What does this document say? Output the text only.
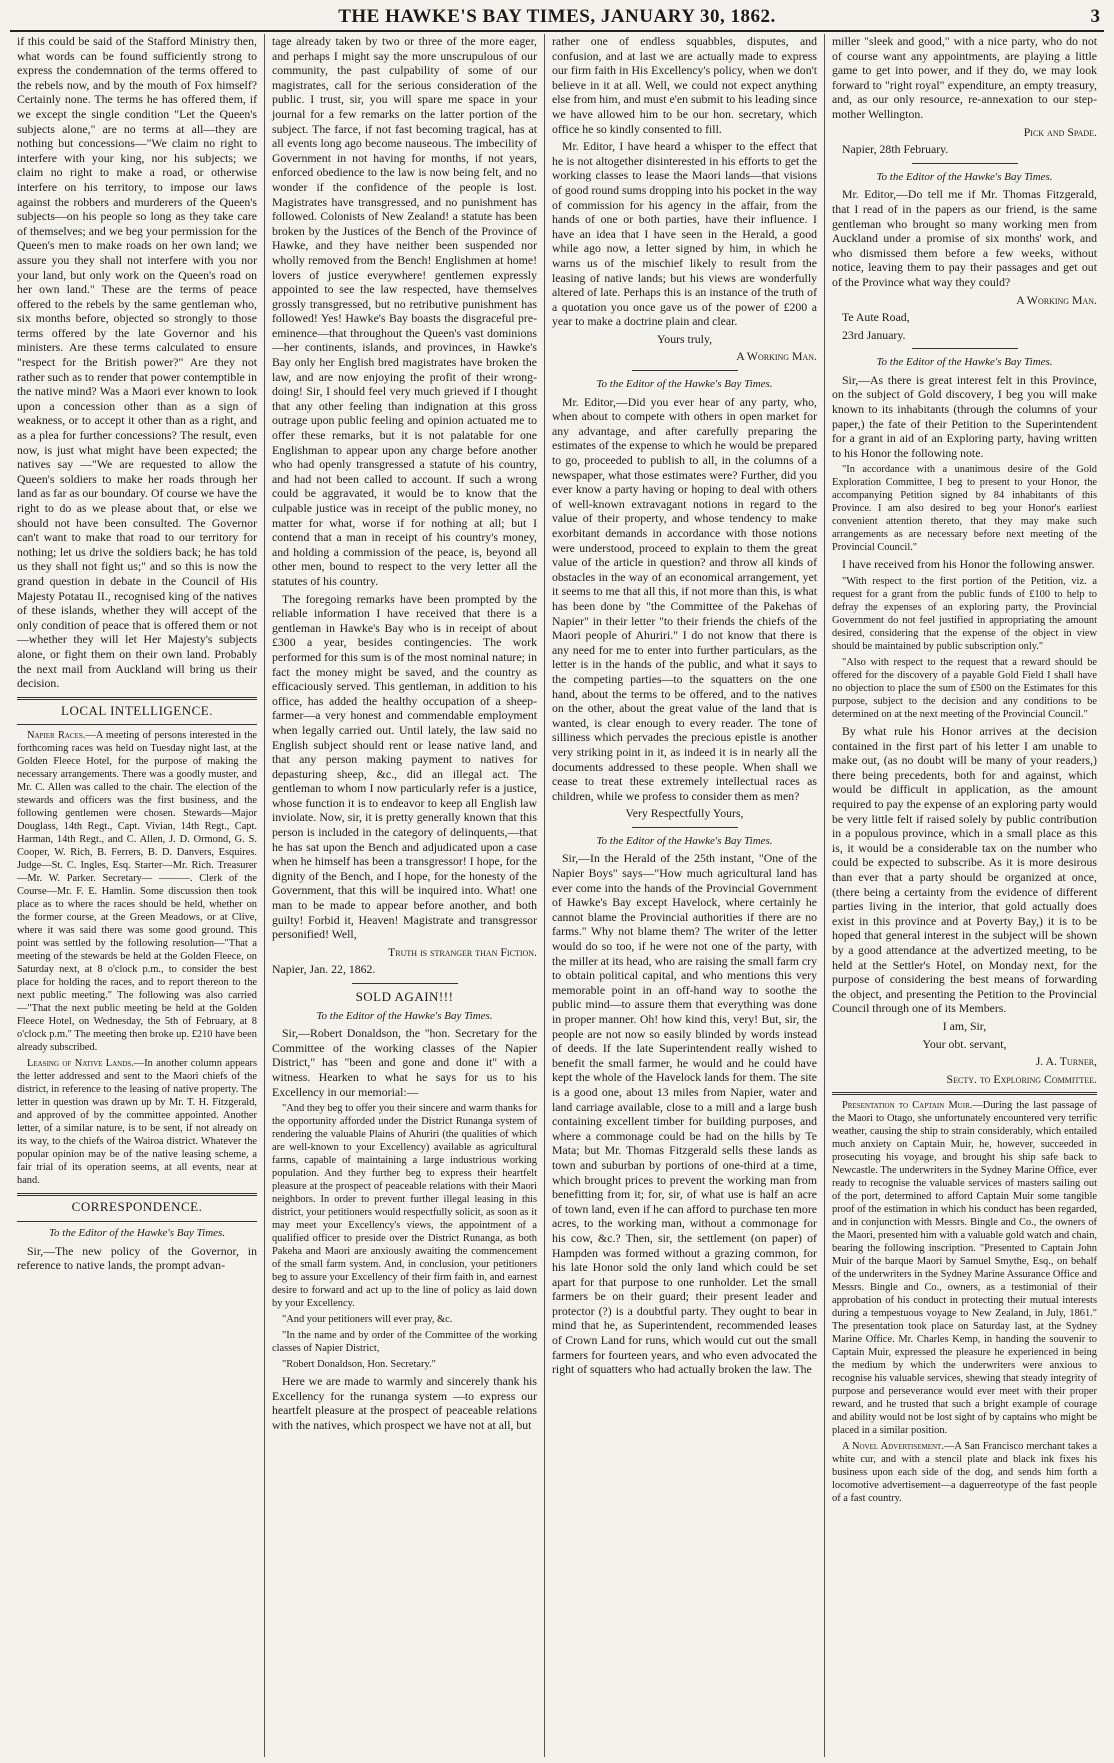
THE HAWKE'S BAY TIMES, JANUARY 30, 1862.	3

if this could be said of the Stafford Ministry then, what words can be found sufficiently strong to express the condemnation of the terms offered to the rebels now, and by the mouth of Fox himself? Certainly none. The terms he has offered them, if we except the single condition "Let the Queen's subjects alone," are no terms at all—they are nothing but concessions—"We claim no right to interfere with your king, nor his subjects; we claim no right to make a road, or otherwise interfere on his territory, to impose our laws against the robbers and murderers of the Queen's subjects—on his people so long as they take care of themselves; and we beg your permission for the Queen's men to make roads on her own land; we assure you they shall not interfere with you nor your land, but only work on the Queen's road on her own land." These are the terms of peace offered to the rebels by the same gentleman who, six months before, objected so strongly to those terms offered by the late Governor and his ministers. Are these terms calculated to ensure "respect for the British power?" Are they not rather such as to render that power contemptible in the native mind? Was a Maori ever known to look upon a concession other than as a sign of weakness, or to accept it other than as a right, and as a plea for further concessions? The result, even now, is just what might have been expected; the natives say —"We are requested to allow the Queen's soldiers to make her roads through her land as far as our boundary. Of course we have the right to do as we please about that, or else we should not have been consulted. The Governor can't want to make that road to our territory for nothing; let us drive the soldiers back; he has told us they shall not fight us;" and so this is now the grand question in debate in the Council of His Majesty Potatau II., recognised king of the natives of these islands, whether they will accept of the only condition of peace that is offered them or not—whether they will let Her Majesty's subjects alone, or fight them on their own land. Probably the next mail from Auckland will bring us their decision.

LOCAL INTELLIGENCE.

Napier Races.—A meeting of persons interested in the forthcoming races was held on Tuesday night last, at the Golden Fleece Hotel, for the purpose of making the necessary arrangements. There was a goodly muster, and Mr. C. Allen was called to the chair. The election of the stewards and officers was the first business, and the following gentlemen were chosen. Stewards—Major Douglass, 14th Regt., Capt. Vivian, 14th Regt., Capt. Harman, 14th Regt., and C. Allen, J. D. Ormond, G. S. Cooper, W. Rich, B. Ferrers, B. D. Danvers, Esquires. Judge—St. C. Ingles, Esq. Starter—Mr. Rich. Treasurer—Mr. W. Parker. Secretary— ———. Clerk of the Course—Mr. F. E. Hamlin. Some discussion then took place as to where the races should be held, whether on the former course, at the Green Meadows, or at Clive, where it was said there was some good ground. This point was settled by the following resolution—"That a meeting of the stewards be held at the Golden Fleece, on Saturday next, at 8 o'clock p.m., to consider the best place for holding the races, and to report thereon to the next public meeting." The following was also carried—"That the next public meeting be held at the Golden Fleece Hotel, on Wednesday, the 5th of February, at 8 o'clock p.m." The meeting then broke up. £210 have been already subscribed.

Leasing of Native Lands.—In another column appears the letter addressed and sent to the Maori chiefs of the district, in reference to the leasing of native property. The letter in question was drawn up by Mr. T. H. Fitzgerald, and approved of by the committee appointed. Another letter, of a similar nature, is to be sent, if not already on its way, to the chiefs of the Wairoa district. Whatever the popular opinion may be of the native leasing scheme, a fair trial of its operation seems, at all events, near at hand.

CORRESPONDENCE.
To the Editor of the Hawke's Bay Times.

Sir,—The new policy of the Governor, in reference to native lands, the prompt advan-

tage already taken by two or three of the more eager, and perhaps I might say the more unscrupulous of our community, the past culpability of some of our magistrates, call for the serious consideration of the public. I trust, sir, you will spare me space in your journal for a few remarks on the latter portion of the subject. The farce, if not fast becoming tragical, has at all events long ago become nauseous. The imbecility of Government in not having for months, if not years, enforced obedience to the law is now being felt, and no wonder if the confidence of the people is lost. Magistrates have transgressed, and no punishment has followed. Colonists of New Zealand! a statute has been broken by the Justices of the Bench of the Province of Hawke, and they have neither been suspended nor wholly removed from the Bench! Englishmen at home! lovers of justice everywhere! gentlemen expressly appointed to see the law respected, have themselves grossly transgressed, but no retributive punishment has followed! Yes! Hawke's Bay boasts the disgraceful pre-eminence—that throughout the Queen's vast dominions—her continents, islands, and provinces, in Hawke's Bay only her English bred magistrates have broken the law, and are now enjoying the profit of their wrong-doing! Sir, I should feel very much grieved if I thought that any other feeling than indignation at this gross outrage upon public feeling and opinion actuated me to offer these remarks, but it is not palatable for one Englishman to appear upon any charge before another who had openly transgressed a statute of his country, and had not been called to account. If such a wrong could be aggravated, it would be to know that the culpable justice was in receipt of the public money, no matter for what, worse if for nothing at all; but I contend that a man in receipt of his country's money, and holding a commission of the peace, is, beyond all other men, bound to respect to the very letter all the statutes of his country.

The foregoing remarks have been prompted by the reliable information I have received that there is a gentleman in Hawke's Bay who is in receipt of about £300 a year, besides contingencies. The work performed for this sum is of the most nominal nature; in fact the money might be saved, and the country as efficaciously served. This gentleman, in addition to his office, has added the healthy occupation of a sheep-farmer—a very honest and commendable employment when legally carried out. Until lately, the law said no English subject should rent or lease native land, and that any person making payment to natives for depasturing sheep, &c., did an illegal act. The gentleman to whom I now particularly refer is a justice, whose function it is to endeavor to keep all English law inviolate. Now, sir, it is pretty generally known that this person is included in the category of delinquents,—that he has sat upon the Bench and adjudicated upon a case when he himself has been a transgressor! I hope, for the dignity of the Bench, and I hope, for the honesty of the Government, that this will be inquired into. What! one man to be made to appear before another, and both guilty! Forbid it, Heaven! Magistrate and transgressor personified! Well,

Truth is stranger than Fiction.

Napier, Jan. 22, 1862.

SOLD AGAIN!!!
To the Editor of the Hawke's Bay Times.

Sir,—Robert Donaldson, the "hon. Secretary for the Committee of the working classes of the Napier District," has "been and gone and done it" with a witness. Hearken to what he says for us to his Excellency in our memorial:—

"And they beg to offer you their sincere and warm thanks for the opportunity afforded under the District Runanga system of rendering the valuable Plains of Ahuriri (the qualities of which are well-known to your Excellency) available as agricultural farms, capable of maintaining a large industrious working population. And they further beg to express their heartfelt pleasure at the prospect of peaceable relations with their Maori neighbors. In order to prevent further illegal leasing in this district, your petitioners would respectfully solicit, as soon as it may meet your Excellency's views, the appointment of a qualified officer to preside over the District Runanga, as both Pakeha and Maori are anxiously awaiting the commencement of the small farm system. And, in conclusion, your petitioners beg to assure your Excellency of their firm faith in, and earnest desire to forward and act up to the line of policy as laid down by your Excellency.

"And your petitioners will ever pray, &c.

"In the name and by order of the Committee of the working classes of Napier District,

"Robert Donaldson, Hon. Secretary."

Here we are made to warmly and sincerely thank his Excellency for the runanga system —to express our heartfelt pleasure at the prospect of peaceable relations with the natives, which prospect we have not at all, but

rather one of endless squabbles, disputes, and confusion, and at last we are actually made to express our firm faith in His Excellency's policy, when we don't believe in it at all. Well, we could not expect anything else from him, and must e'en submit to his leading since we have allowed him to be our hon. secretary, which office he so kindly consented to fill.

Mr. Editor, I have heard a whisper to the effect that he is not altogether disinterested in his efforts to get the working classes to lease the Maori lands—that visions of good round sums dropping into his pocket in the way of commission for his agency in the affair, from the hands of one or both parties, have their influence. I have an idea that I have seen in the Herald, a good while ago now, a letter signed by him, in which he warns us of the mischief likely to result from the leasing of native lands; but his views are wonderfully altered of late. Perhaps this is an instance of the truth of a quotation you once gave us of the power of £200 a year to make a doctrine plain and clear.

Yours truly,
A Working Man.
To the Editor of the Hawke's Bay Times.

Mr. Editor,—Did you ever hear of any party, who, when about to compete with others in open market for any advantage, and after carefully preparing the estimates of the expense to which he would be prepared to go, proceeded to publish to all, in the columns of a newspaper, what those estimates were? Further, did you ever know a party having or hoping to deal with others of well-known extravagant notions in regard to the value of their property, and whose tendency to make exorbitant demands in accordance with those notions were understood, proceed to explain to them the great value of the article in question? and throw all kinds of obstacles in the way of an economical arrangement, yet it seems to me that all this, if not more than this, is what has been done by "the Committee of the Pakehas of Napier" in their letter "to their friends the chiefs of the Maori people of Ahuriri." I do not know that there is any need for me to enter into further particulars, as the letter is in the hands of the public, and what it says to the competing parties—to the squatters on the one hand, about the terms to be offered, and to the natives on the other, about the great value of the land that is wanted, is clear enough to every reader. The tone of silliness which pervades the precious epistle is another very striking point in it, as indeed it is in nearly all the documents addressed to these people. When shall we cease to treat these extremely intellectual races as children, while we profess to consider them as men?

Very Respectfully Yours,
To the Editor of the Hawke's Bay Times.

Sir,—In the Herald of the 25th instant, "One of the Napier Boys" says—"How much agricultural land has ever come into the hands of the Provincial Government of Hawke's Bay except Havelock, where certainly he cannot blame the Provincial authorities if there are no farms." Why not blame them? The writer of the letter would do so too, if he were not one of the party, with the miller at its head, who are raising the small farm cry to obtain political capital, and who mentions this very memorable point in an off-hand way to soothe the public mind—to assure them that everything was done in proper manner. Oh! how kind this, very! But, sir, the people are not now so easily blinded by words instead of deeds. If the late Superintendent really wished to benefit the small farmer, he would and he could have kept the whole of the Havelock lands for them. The site is a good one, about 13 miles from Napier, water and land carriage available, close to a mill and a large bush containing excellent timber for building purposes, and where a commonage could be had on the hills by Te Mata; but Mr. Thomas Fitzgerald sells these lands as town and suburban by portions of one-third at a time, which brought prices to prevent the working man from benefitting from it; for, sir, of what use is half an acre of town land, even if he can afford to purchase ten more acres, to the working man, without a commonage for his cow, &c.? Then, sir, the settlement (on paper) of Hampden was formed without a grazing common, for his late Honor sold the only land which could be set apart for that purpose to one runholder. Let the small farmers be on their guard; their present leader and protector (?) is a doubtful party. They ought to bear in mind that he, as Superintendent, recommended leases of Crown Land for runs, which would cut out the small farmers for fourteen years, and who even advocated the right of squatters who had actually broken the law. The

miller "sleek and good," with a nice party, who do not of course want any appointments, are playing a little game to get into power, and if they do, we may look forward to "right royal" expenditure, an empty treasury, and, as our only resource, re-annexation to our step-mother Wellington.

Pick and Spade.

Napier, 28th February.

To the Editor of the Hawke's Bay Times.

Mr. Editor,—Do tell me if Mr. Thomas Fitzgerald, that I read of in the papers as our friend, is the same gentleman who brought so many working men from Auckland under a promise of six months' work, and who dismissed them before a few weeks, without notice, leaving them to pay their passages and get out of the Province what way they could?

A Working Man.

Te Aute Road,

23rd January.

To the Editor of the Hawke's Bay Times.

Sir,—As there is great interest felt in this Province, on the subject of Gold discovery, I beg you will make known to its inhabitants (through the columns of your paper,) the fate of their Petition to the Superintendent for a grant in aid of an Exploring party, having written to his Honor the following note.

"In accordance with a unanimous desire of the Gold Exploration Committee, I beg to present to your Honor, the accompanying Petition signed by 84 inhabitants of this Province. I am also desired to beg your Honor's earliest convenient attention thereto, that they may make such arrangements as are necessary before next meeting of the Provincial Council."

I have received from his Honor the following answer.

"With respect to the first portion of the Petition, viz. a request for a grant from the public funds of £100 to help to defray the expenses of an exploring party, the Provincial Government do not feel justified in appropriating the amount desired, considering that the expense of the object in view should be maintained by public subscription only."

"Also with respect to the request that a reward should be offered for the discovery of a payable Gold Field I shall have no objection to place the sum of £500 on the Estimates for this purpose, subject to the decision and any conditions to be determined on at the next meeting of the Provincial Council."

By what rule his Honor arrives at the decision contained in the first part of his letter I am unable to make out, (as no doubt will be many of your readers,) there being precedents, both for and against, which would be difficult in application, as the amount required to pay the expense of an exploring party would be very little felt if raised solely by public contribution in a populous province, which in a small place as this is, it would be a considerable tax on the number who could be expected to subscribe. As it is more desirous than ever that a party should be organized at once, (there being a certainty from the evidence of different parties living in the interior, that gold actually does exist in this province and at Poverty Bay,) it is to be hoped that general interest in the subject will be shown by a good attendance at the advertized meeting, to be held at the Settler's Hotel, on Monday next, for the purpose of considering the best means of forwarding the object, and presenting the Petition to the Provincial Council through one of its Members.

I am, Sir,
Your obt. servant,
J. A. Turner,
Secty. to Exploring Committee.

Presentation to Captain Muir.—During the last passage of the Maori to Otago, she unfortunately encountered very terrific weather, causing the ship to strain considerably, which entailed much anxiety on Captain Muir, he, however, succeeded in prosecuting his voyage, and brought his ship safe back to Newcastle. The underwriters in the Sydney Marine Office, ever ready to recognise the valuable services of masters sailing out of the port, determined to afford Captain Muir some tangible proof of the estimation in which his conduct has been regarded, and in conjunction with Messrs. Bingle and Co., the owners of the Maori, presented him with a valuable gold watch and chain, bearing the following inscription. "Presented to Captain John Muir of the barque Maori by Samuel Smythe, Esq., on behalf of the underwriters in the Sydney Marine Assurance Office and Messrs. Bingle and Co., owners, as a testimonial of their approbation of his conduct in protecting their mutual interests during a tempestuous voyage to New Zealand, in July, 1861." The presentation took place on Saturday last, at the Sydney Marine Office. Mr. Charles Kemp, in handing the souvenir to Captain Muir, expressed the pleasure he experienced in being the medium by which the underwriters were anxious to recognise his valuable services, shewing that steady integrity of purpose and perseverance would ever meet with their proper reward, and he trusted that such a bright example of courage and ability would not be lost sight of by captains who might be placed in a similar position.

A Novel Advertisement.—A San Francisco merchant takes a white cur, and with a stencil plate and black ink fixes his business upon each side of the dog, and sends him forth a locomotive advertisement—a daguerreotype of the fast people of a fast country.
